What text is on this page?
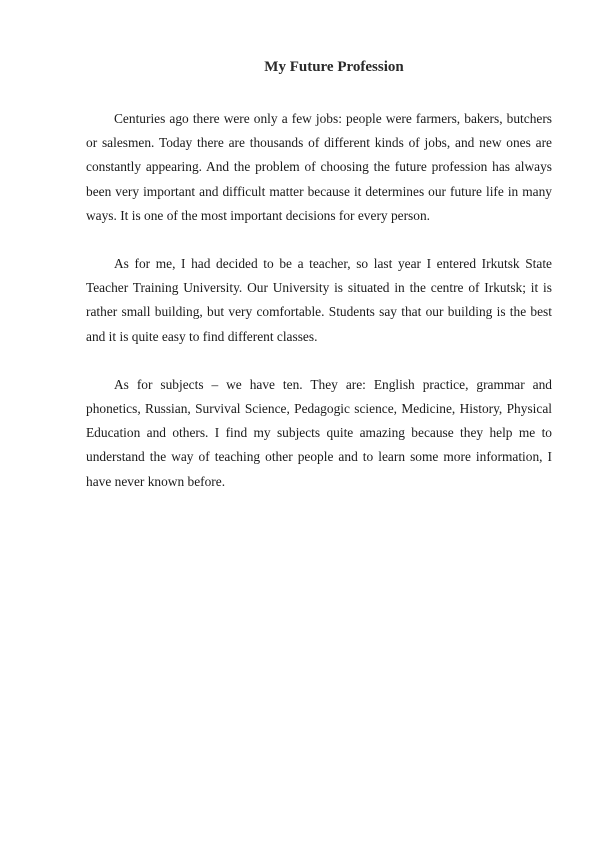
My Future Profession

Centuries ago there were only a few jobs: people were farmers, bakers, butchers or salesmen. Today there are thousands of different kinds of jobs, and new ones are constantly appearing. And the problem of choosing the future profession has always been very important and difficult matter because it determines our future life in many ways. It is one of the most important decisions for every person.

As for me, I had decided to be a teacher, so last year I entered Irkutsk State Teacher Training University. Our University is situated in the centre of Irkutsk; it is rather small building, but very comfortable. Students say that our building is the best and it is quite easy to find different classes.

As for subjects – we have ten. They are: English practice, grammar and phonetics, Russian, Survival Science, Pedagogic science, Medicine, History, Physical Education and others. I find my subjects quite amazing because they help me to understand the way of teaching other people and to learn some more information, I have never known before.
